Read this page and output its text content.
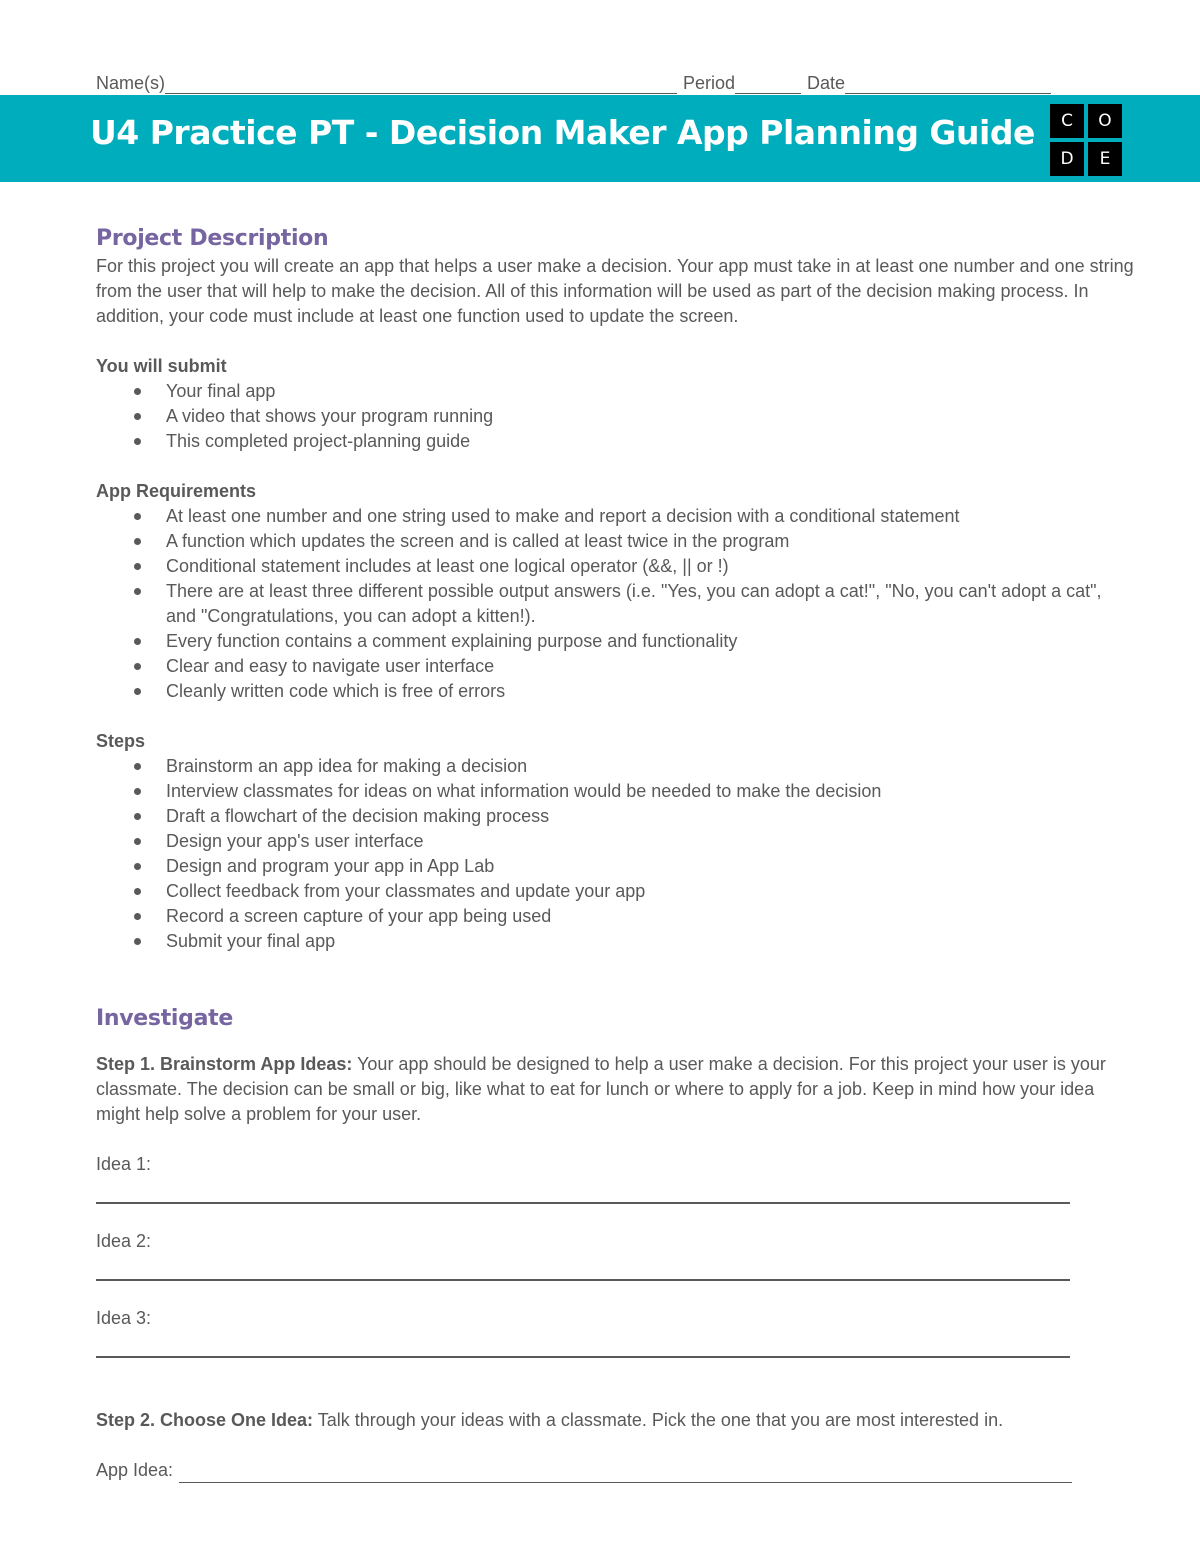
Name(s)	Period	Date
U4 Practice PT - Decision Maker App Planning Guide	C	O
D	E
Project Description

For this project you will create an app that helps a user make a decision. Your app must take in at least one number and one string from the user that will help to make the decision. All of this information will be used as part of the decision making process. In addition, your code must include at least one function used to update the screen.

You will submit

Your final app
A video that shows your program running
This completed project-planning guide

App Requirements

At least one number and one string used to make and report a decision with a conditional statement
A function which updates the screen and is called at least twice in the program
Conditional statement includes at least one logical operator (&&, || or !)
There are at least three different possible output answers (i.e. "Yes, you can adopt a cat!", "No, you can't adopt a cat", and "Congratulations, you can adopt a kitten!).
Every function contains a comment explaining purpose and functionality
Clear and easy to navigate user interface
Cleanly written code which is free of errors

Steps

Brainstorm an app idea for making a decision
Interview classmates for ideas on what information would be needed to make the decision
Draft a flowchart of the decision making process
Design your app's user interface
Design and program your app in App Lab
Collect feedback from your classmates and update your app
Record a screen capture of your app being used
Submit your final app
Investigate

Step 1. Brainstorm App Ideas: Your app should be designed to help a user make a decision. For this project your user is your classmate. The decision can be small or big, like what to eat for lunch or where to apply for a job. Keep in mind how your idea might help solve a problem for your user.

Idea 1:
Idea 2:
Idea 3:

Step 2. Choose One Idea: Talk through your ideas with a classmate. Pick the one that you are most interested in.

App Idea:
